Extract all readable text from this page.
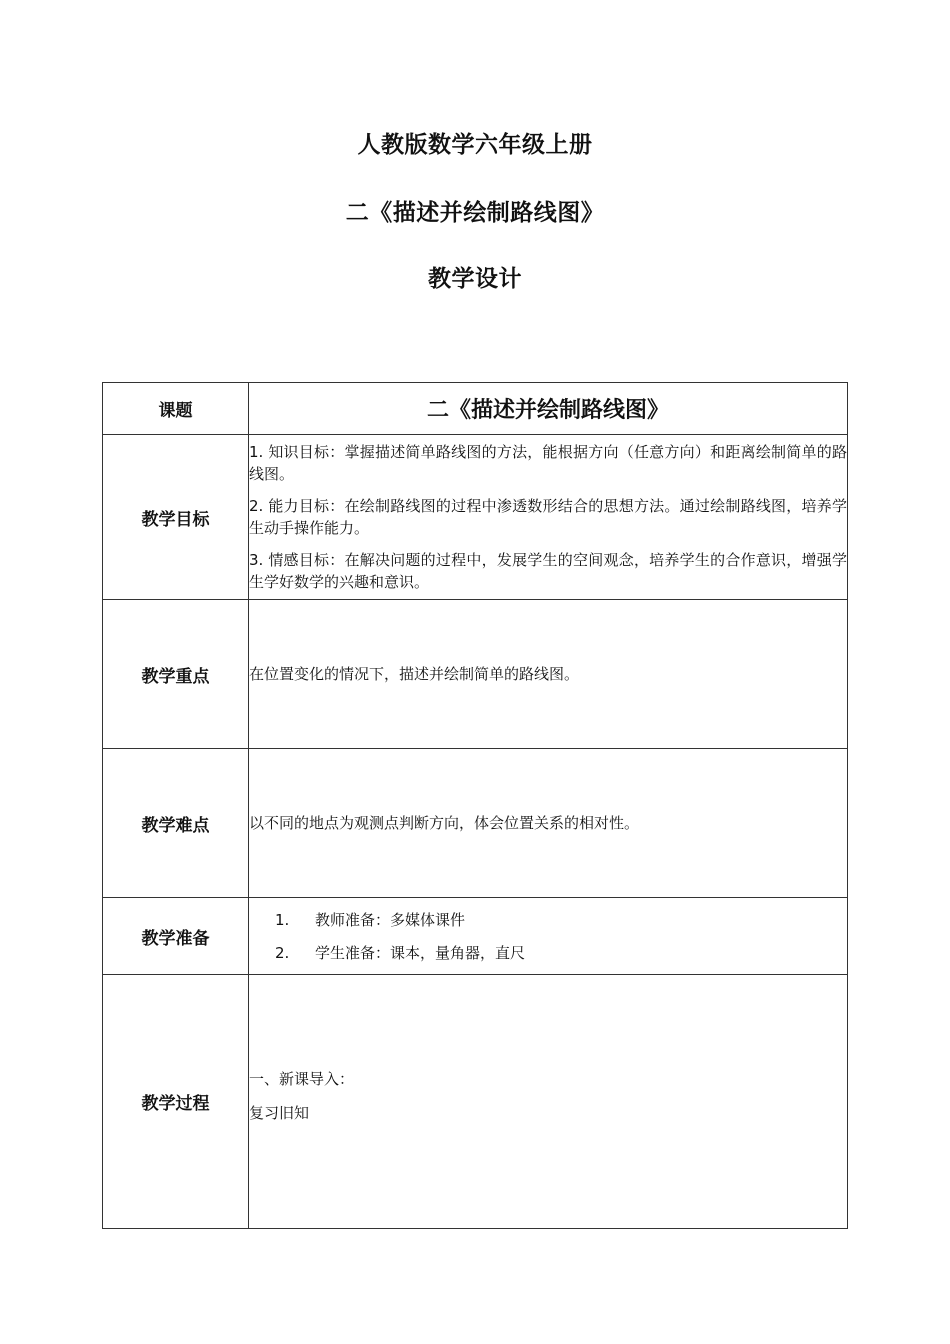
人教版数学六年级上册
二《描述并绘制路线图》
教学设计
课题	二《描述并绘制路线图》
教学目标	1. 知识目标：掌握描述简单路线图的方法，能根据方向（任意方向）和距离绘制简单的路线图。

2. 能力目标：在绘制路线图的过程中渗透数形结合的思想方法。通过绘制路线图，培养学生动手操作能力。

3. 情感目标：在解决问题的过程中，发展学生的空间观念，培养学生的合作意识，增强学生学好数学的兴趣和意识。

教学重点	在位置变化的情况下，描述并绘制简单的路线图。
教学难点	以不同的地点为观测点判断方向，体会位置关系的相对性。
教学准备	1. 教师准备：多媒体课件
2. 学生准备：课本，量角器，直尺

教学过程	一、新课导入：

复习旧知
